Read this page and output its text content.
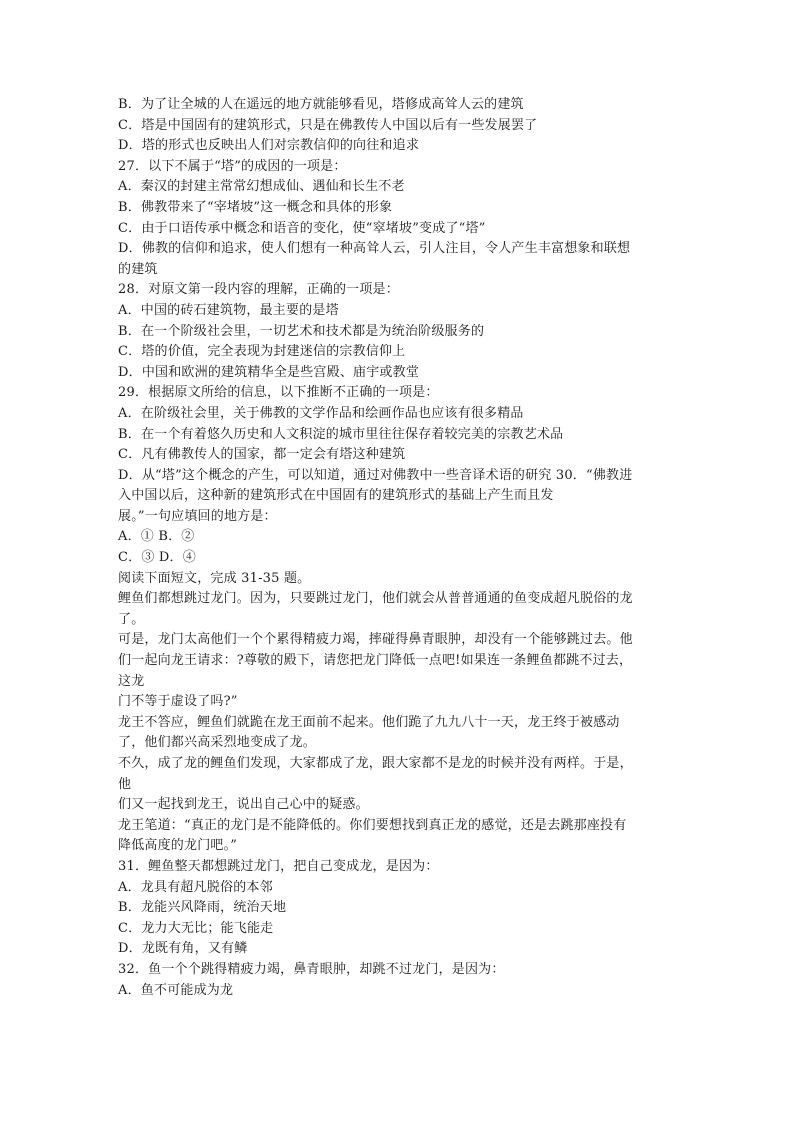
B．为了让全城的人在遥远的地方就能够看见，塔修成高耸人云的建筑
C．塔是中国固有的建筑形式，只是在佛教传人中国以后有一些发展罢了
D．塔的形式也反映出人们对宗教信仰的向往和追求
27．以下不属于“塔”的成因的一项是：
A．秦汉的封建主常常幻想成仙、遇仙和长生不老
B．佛教带来了“宰堵坡”这一概念和具体的形象
C．由于口语传承中概念和语音的变化，使“窣堵坡”变成了“塔”
D．佛教的信仰和追求，使人们想有一种高耸人云，引人注目，令人产生丰富想象和联想
的建筑
28．对原文第一段内容的理解，正确的一项是：
A．中国的砖石建筑物，最主要的是塔
B．在一个阶级社会里，一切艺术和技术都是为统治阶级服务的
C．塔的价值，完全表现为封建迷信的宗教信仰上
D．中国和欧洲的建筑精华全是些宫殿、庙宇或教堂
29．根据原文所给的信息，以下推断不正确的一项是：
A．在阶级社会里，关于佛教的文学作品和绘画作品也应该有很多精品
B．在一个有着悠久历史和人文积淀的城市里往往保存着较完美的宗教艺术品
C．凡有佛教传人的国家，都一定会有塔这种建筑
D．从“塔”这个概念的产生，可以知道，通过对佛教中一些音译术语的研究 30．“佛教进
入中国以后，这种新的建筑形式在中国固有的建筑形式的基础上产生而且发
展。”一句应填回的地方是：
A．① B．②
C．③ D．④
阅读下面短文，完成 31-35 题。
鲤鱼们都想跳过龙门。因为，只要跳过龙门，他们就会从普普通通的鱼变成超凡脱俗的龙
了。
可是，龙门太高他们一个个累得精疲力竭，摔碰得鼻青眼肿，却没有一个能够跳过去。他
们一起向龙王请求：?尊敬的殿下，请您把龙门降低一点吧!如果连一条鲤鱼都跳不过去，
这龙
门不等于虚设了吗?”
龙王不答应，鲤鱼们就跪在龙王面前不起来。他们跪了九九八十一天，龙王终于被感动
了，他们都兴高采烈地变成了龙。
不久，成了龙的鲤鱼们发现，大家都成了龙，跟大家都不是龙的时候并没有两样。于是，
他
们又一起找到龙王，说出自己心中的疑惑。
龙王笔道：“真正的龙门是不能降低的。你们要想找到真正龙的感觉，还是去跳那座投有
降低高度的龙门吧。”
31．鲤鱼整天都想跳过龙门，把自己变成龙，是因为：
A．龙具有超凡脱俗的本邻
B．龙能兴风降雨，统治天地
C．龙力大无比；能飞能走
D．龙既有角，又有鳞
32．鱼一个个跳得精疲力竭，鼻青眼肿，却跳不过龙门，是因为：
A．鱼不可能成为龙
